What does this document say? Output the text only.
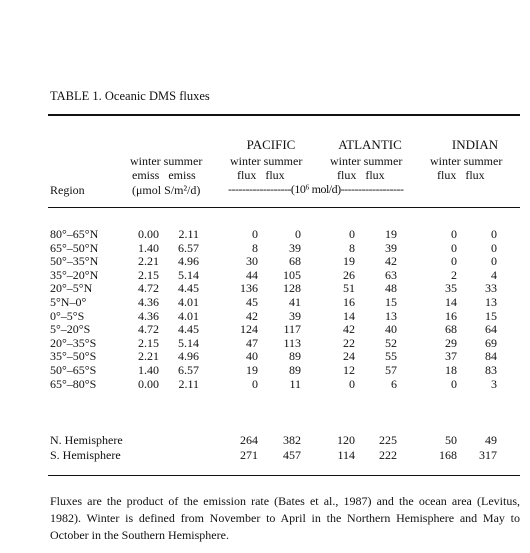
TABLE 1. Oceanic DMS fluxes
PACIFIC	ATLANTIC	INDIAN
winter summer winter summer winter summer winter summer
emiss   emiss	flux   flux	flux   flux	flux   flux
Region	(μmol S/m²/d) ------------------(10⁶ mol/d)------------------
80°–65°N	0.00	2.11	0	0	0	19	0	0
65°–50°N	1.40	6.57	8	39	8	39	0	0
50°–35°N	2.21	4.96	30	68	19	42	0	0
35°–20°N	2.15	5.14	44	105	26	63	2	4
20°–5°N	4.72	4.45	136	128	51	48	35	33
5°N–0°	4.36	4.01	45	41	16	15	14	13
0°–5°S	4.36	4.01	42	39	14	13	16	15
5°–20°S	4.72	4.45	124	117	42	40	68	64
20°–35°S	2.15	5.14	47	113	22	52	29	69
35°–50°S	2.21	4.96	40	89	24	55	37	84
50°–65°S	1.40	6.57	19	89	12	57	18	83
65°–80°S	0.00	2.11	0	11	0	6	0	3
N. Hemisphere	264	382	120	225	50	49
S. Hemisphere	271	457	114	222	168	317
Fluxes are the product of the emission rate (Bates et al., 1987) and the ocean area (Levitus, 1982). Winter is defined from November to April in the Northern Hemisphere and May to October in the Southern Hemisphere.
